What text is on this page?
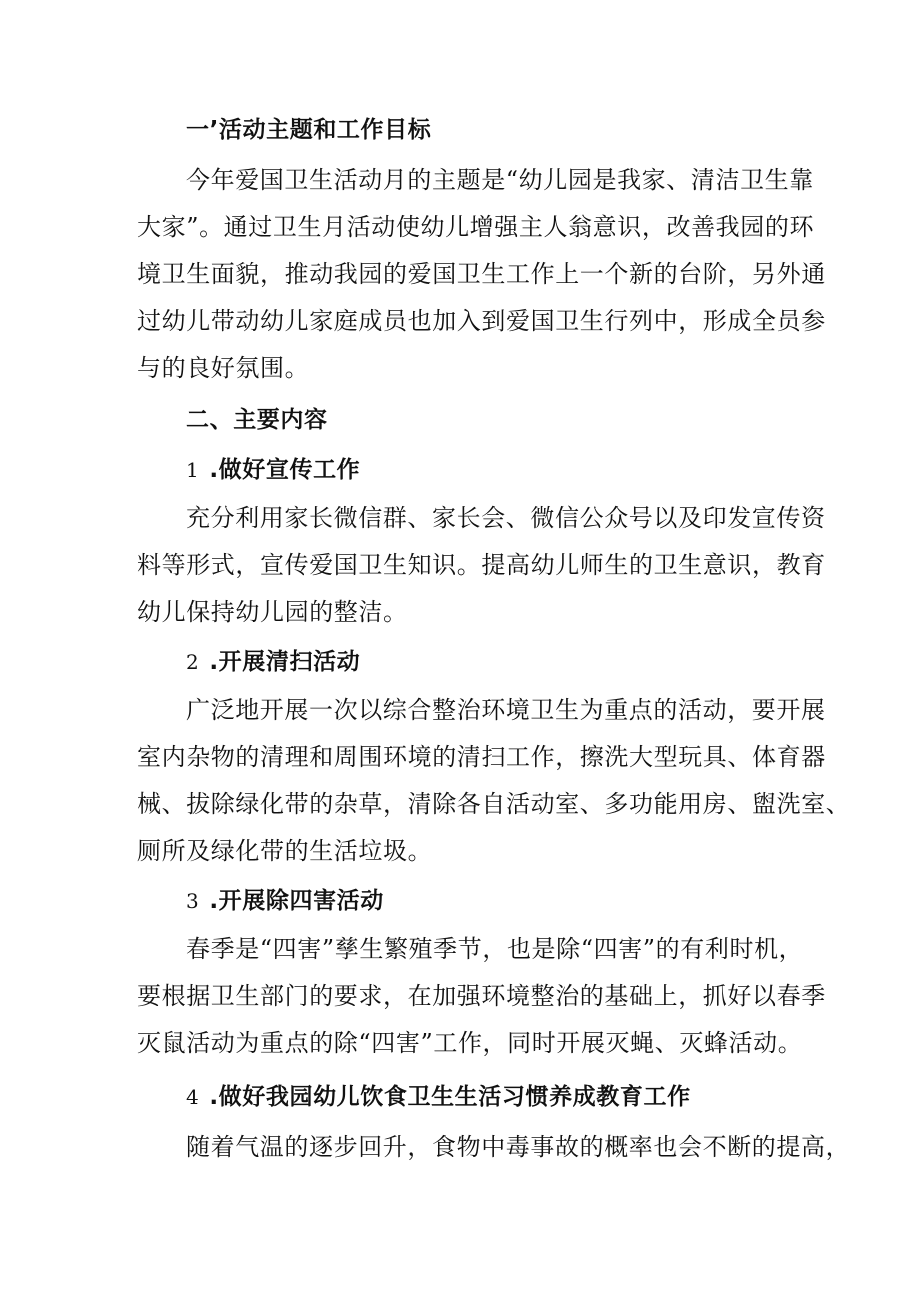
一’活动主题和工作目标
今年爱国卫生活动月的主题是“幼儿园是我家、清洁卫生靠
大家”。通过卫生月活动使幼儿增强主人翁意识，改善我园的环
境卫生面貌，推动我园的爱国卫生工作上一个新的台阶，另外通
过幼儿带动幼儿家庭成员也加入到爱国卫生行列中，形成全员参
与的良好氛围。
二、主要内容
1 .做好宣传工作
充分利用家长微信群、家长会、微信公众号以及印发宣传资
料等形式，宣传爱国卫生知识。提高幼儿师生的卫生意识，教育
幼儿保持幼儿园的整洁。
2 .开展清扫活动
广泛地开展一次以综合整治环境卫生为重点的活动，要开展
室内杂物的清理和周围环境的清扫工作，擦洗大型玩具、体育器
械、拔除绿化带的杂草，清除各自活动室、多功能用房、盥洗室、
厕所及绿化带的生活垃圾。
3 .开展除四害活动
春季是“四害”孳生繁殖季节，也是除“四害”的有利时机，
要根据卫生部门的要求，在加强环境整治的基础上，抓好以春季
灭鼠活动为重点的除“四害”工作，同时开展灭蝇、灭蜂活动。
4 .做好我园幼儿饮食卫生生活习惯养成教育工作
随着气温的逐步回升，食物中毒事故的概率也会不断的提高，
